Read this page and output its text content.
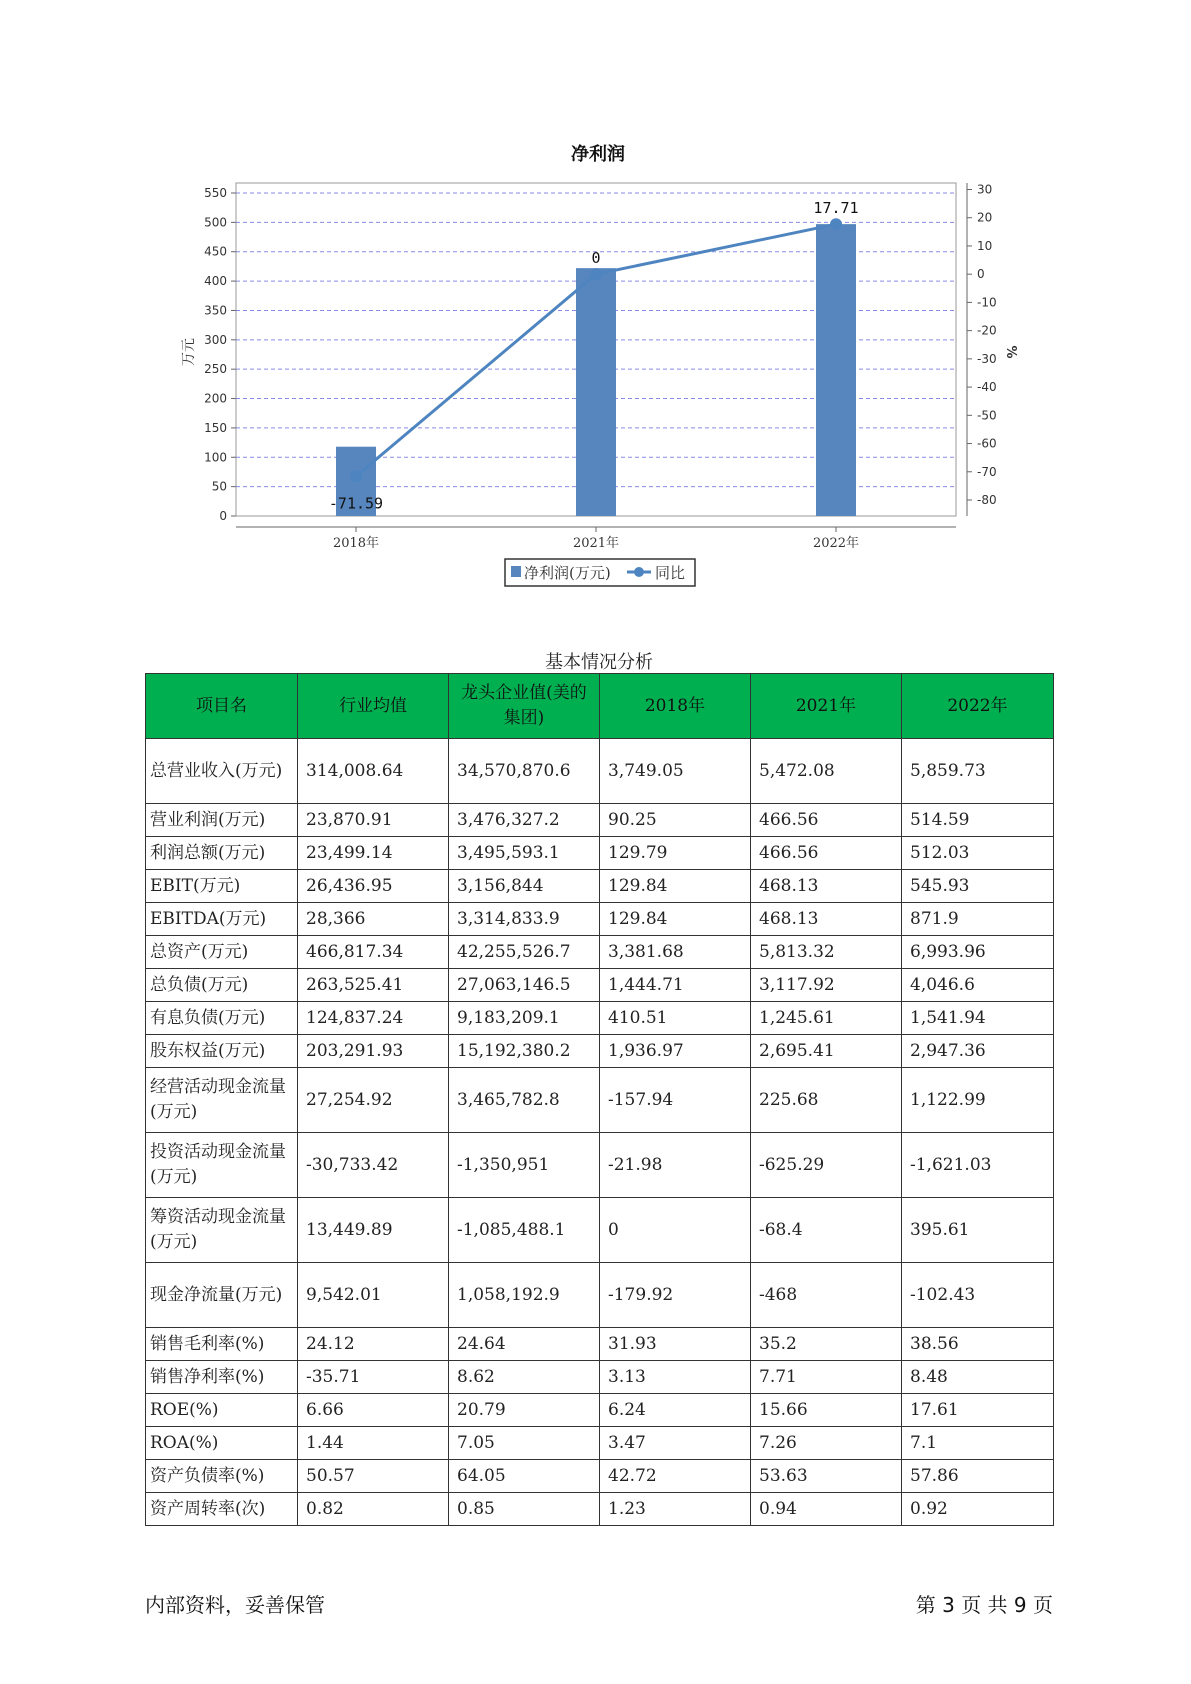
净利润
0
50
100
150
200
250
300
350
400
450
500
550	30
20
10
0
-10
-20
-30
-40
-50
-60
-70
-80
-71.59
0
17.71
2018年	2021年	2022年
万元	%
净利润(万元)	同比
基本情况分析
项目名	行业均值	龙头企业值(美的集团)	2018年	2021年	2022年
总营业收入(万元)	314,008.64	34,570,870.6	3,749.05	5,472.08	5,859.73
营业利润(万元)	23,870.91	3,476,327.2	90.25	466.56	514.59
利润总额(万元)	23,499.14	3,495,593.1	129.79	466.56	512.03
EBIT(万元)	26,436.95	3,156,844	129.84	468.13	545.93
EBITDA(万元)	28,366	3,314,833.9	129.84	468.13	871.9
总资产(万元)	466,817.34	42,255,526.7	3,381.68	5,813.32	6,993.96
总负债(万元)	263,525.41	27,063,146.5	1,444.71	3,117.92	4,046.6
有息负债(万元)	124,837.24	9,183,209.1	410.51	1,245.61	1,541.94
股东权益(万元)	203,291.93	15,192,380.2	1,936.97	2,695.41	2,947.36
经营活动现金流量(万元)	27,254.92	3,465,782.8	-157.94	225.68	1,122.99
投资活动现金流量(万元)	-30,733.42	-1,350,951	-21.98	-625.29	-1,621.03
筹资活动现金流量(万元)	13,449.89	-1,085,488.1	0	-68.4	395.61
现金净流量(万元)	9,542.01	1,058,192.9	-179.92	-468	-102.43
销售毛利率(%)	24.12	24.64	31.93	35.2	38.56
销售净利率(%)	-35.71	8.62	3.13	7.71	8.48
ROE(%)	6.66	20.79	6.24	15.66	17.61
ROA(%)	1.44	7.05	3.47	7.26	7.1
资产负债率(%)	50.57	64.05	42.72	53.63	57.86
资产周转率(次)	0.82	0.85	1.23	0.94	0.92
内部资料，妥善保管	第 3 页 共 9 页
